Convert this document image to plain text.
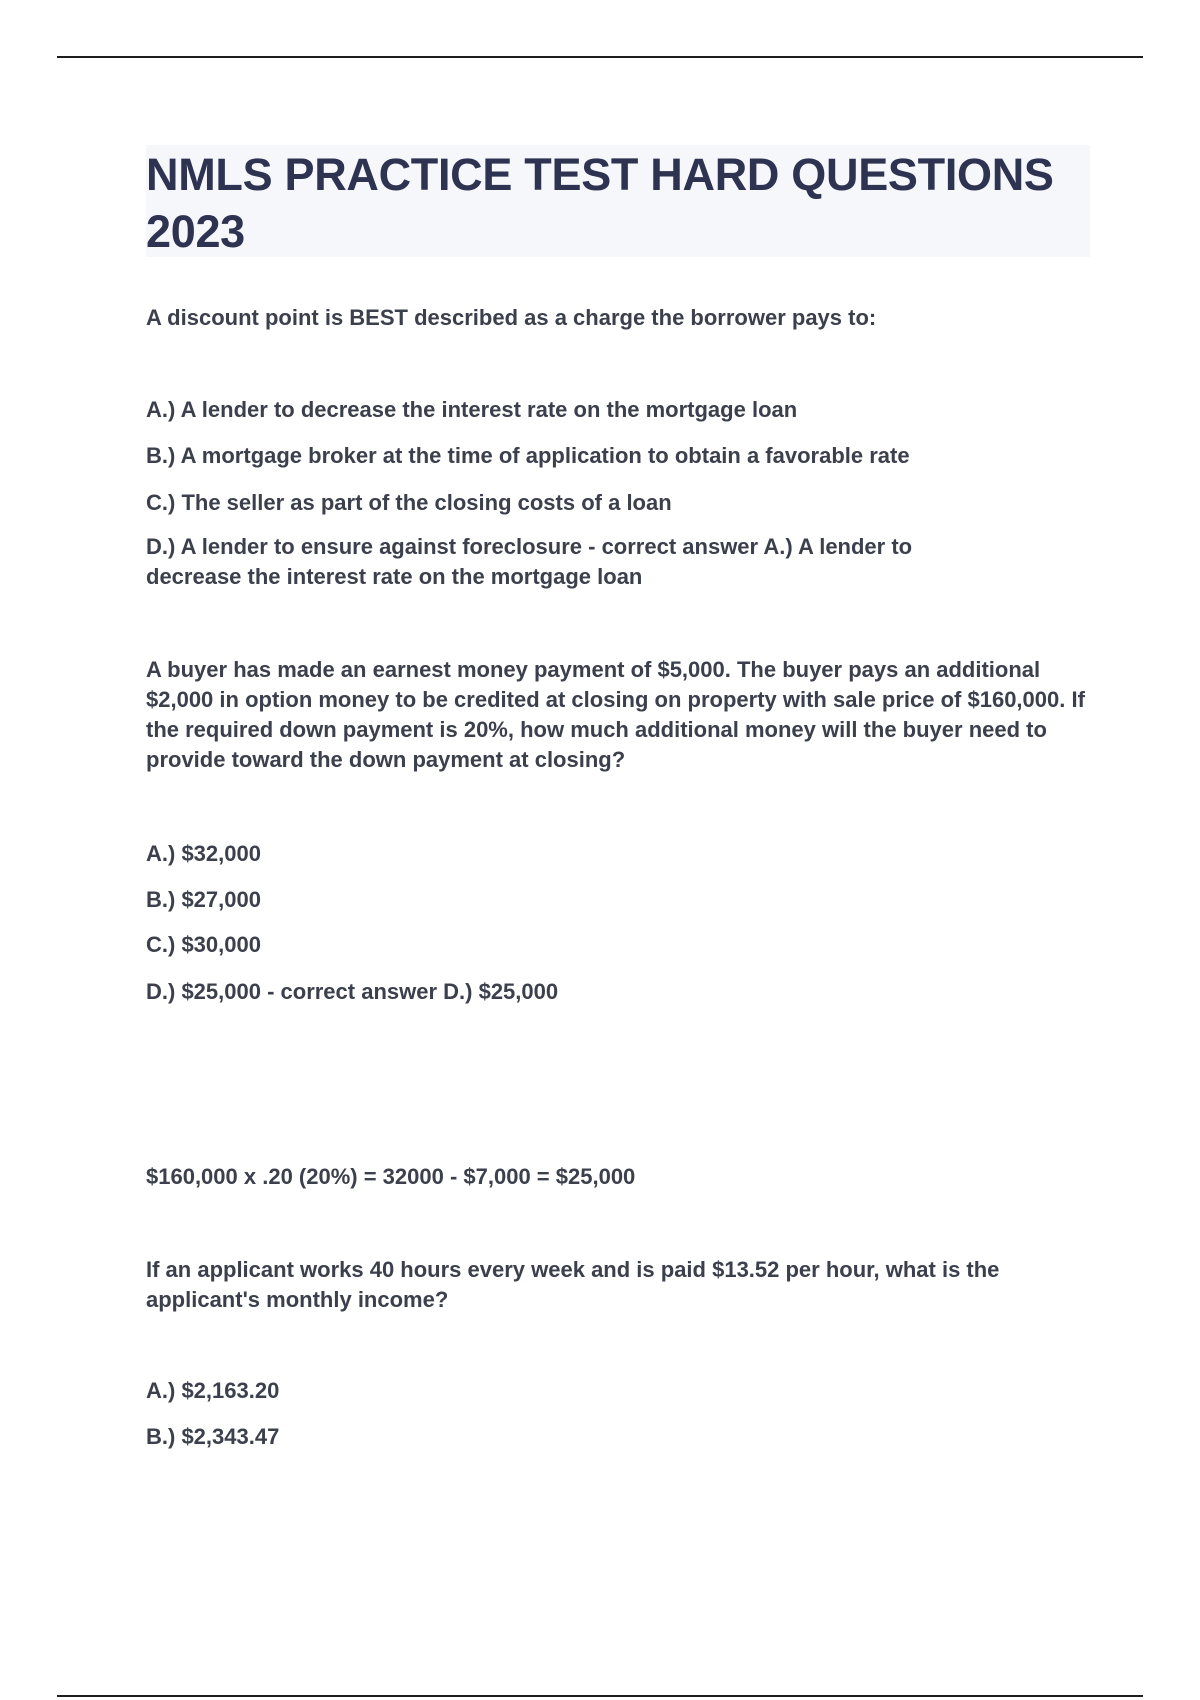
NMLS PRACTICE TEST HARD QUESTIONS 2023

A discount point is BEST described as a charge the borrower pays to:

A.) A lender to decrease the interest rate on the mortgage loan

B.) A mortgage broker at the time of application to obtain a favorable rate

C.) The seller as part of the closing costs of a loan

D.) A lender to ensure against foreclosure - correct answer A.) A lender to decrease the interest rate on the mortgage loan

A buyer has made an earnest money payment of $5,000. The buyer pays an additional $2,000 in option money to be credited at closing on property with sale price of $160,000. If the required down payment is 20%, how much additional money will the buyer need to provide toward the down payment at closing?

A.) $32,000

B.) $27,000

C.) $30,000

D.) $25,000 - correct answer D.) $25,000

$160,000 x .20 (20%) = 32000 - $7,000 = $25,000

If an applicant works 40 hours every week and is paid $13.52 per hour, what is the applicant's monthly income?

A.) $2,163.20

B.) $2,343.47
